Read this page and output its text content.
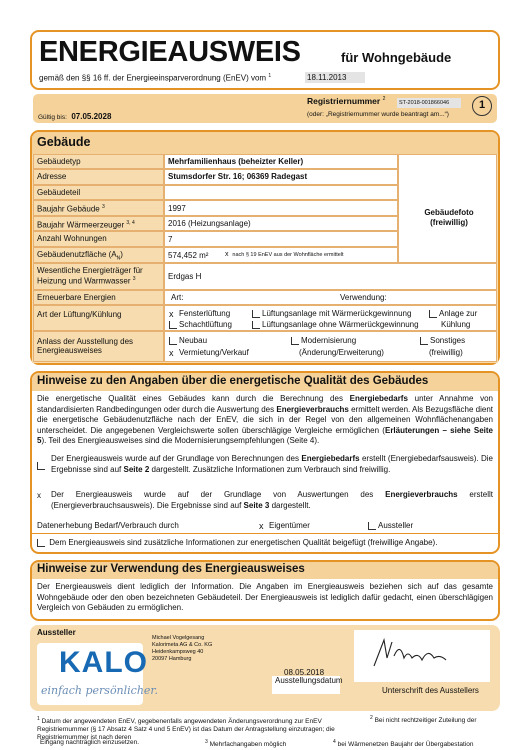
ENERGIEAUSWEIS	für Wohngebäude
gemäß den §§ 16 ff. der Energieeinsparverordnung (EnEV) vom $^1$	18.11.2013
Gültig bis: 07.05.2028
Registriernummer $^2$
ST-2018-001866046
(oder: „Registriernummer wurde beantragt am...“)
1
Gebäude
Gebäudetyp	Mehrfamilienhaus (beheizter Keller)
Adresse	Stumsdorfer Str. 16; 06369 Radegast
Gebäudeteil
Baujahr Gebäude $^3$	1997
Baujahr Wärmeerzeuger $^{3, 4}$	2016 (Heizungsanlage)
Anzahl Wohnungen	7
Gebäudenutzfläche $(A_N)$	574,452 m² x nach § 19 EnEV aus der Wohnfläche ermittelt
Gebäudefoto (freiwillig)
Wesentliche Energieträger für Heizung und Warmwasser $^3$	Erdgas H
Erneuerbare Energien	Art:	Verwendung:
Art der Lüftung/Kühlung	x Fensterlüftung	Lüftungsanlage mit Wärmerückgewinnung	Anlage zur
Schachtlüftung	Lüftungsanlage ohne Wärmerückgewinnung	Kühlung
Anlass der Ausstellung des Energieausweises
Neubau	Modernisierung	Sonstiges
x Vermietung/Verkauf	(Änderung/Erweiterung)	(freiwillig)
Hinweise zu den Angaben über die energetische Qualität des Gebäudes
Die energetische Qualität eines Gebäudes kann durch die Berechnung des Energiebedarfs unter Annahme von standardisierten Randbedingungen oder durch die Auswertung des Energieverbrauchs ermittelt werden. Als Bezugsfläche dient die energetische Gebäudenutzfläche nach der EnEV, die sich in der Regel von den allgemeinen Wohnflächenangaben unterscheidet. Die angegebenen Vergleichswerte sollen überschlägige Vergleiche ermöglichen (Erläuterungen – siehe Seite 5). Teil des Energieausweises sind die Modernisierungsempfehlungen (Seite 4).
Der Energieausweis wurde auf der Grundlage von Berechnungen des Energiebedarfs erstellt (Energiebedarfsausweis). Die Ergebnisse sind auf Seite 2 dargestellt. Zusätzliche Informationen zum Verbrauch sind freiwillig.
x Der Energieausweis wurde auf der Grundlage von Auswertungen des Energieverbrauchs erstellt (Energieverbrauchsausweis). Die Ergebnisse sind auf Seite 3 dargestellt.
Datenerhebung Bedarf/Verbrauch durch	x Eigentümer	Aussteller
Dem Energieausweis sind zusätzliche Informationen zur energetischen Qualität beigefügt (freiwillige Angabe).
Hinweise zur Verwendung des Energieausweises
Der Energieausweis dient lediglich der Information. Die Angaben im Energieausweis beziehen sich auf das gesamte Wohngebäude oder den oben bezeichneten Gebäudeteil. Der Energieausweis ist lediglich dafür gedacht, einen überschlägigen Vergleich von Gebäuden zu ermöglichen.
Aussteller
KALO
einfach persönlicher.
Michael Vogelgesang
Kalorimeta AG & Co. KG
Heidenkampsweg 40
20097 Hamburg
08.05.2018
Ausstellungsdatum
Unterschrift des Ausstellers
$^1$ Datum der angewendeten EnEV, gegebenenfalls angewendeten Änderungsverordnung zur EnEV
Registriernummer (§ 17 Absatz 4 Satz 4 und 5 EnEV) ist das Datum der Antragstellung einzutragen; die Registriernummer ist nach deren
$^2$ Bei nicht rechtzeitiger Zuteilung der
Eingang nachträglich einzusetzen.	$^3$ Mehrfachangaben möglich	$^4$ bei Wärmenetzen Baujahr der Übergabestation
